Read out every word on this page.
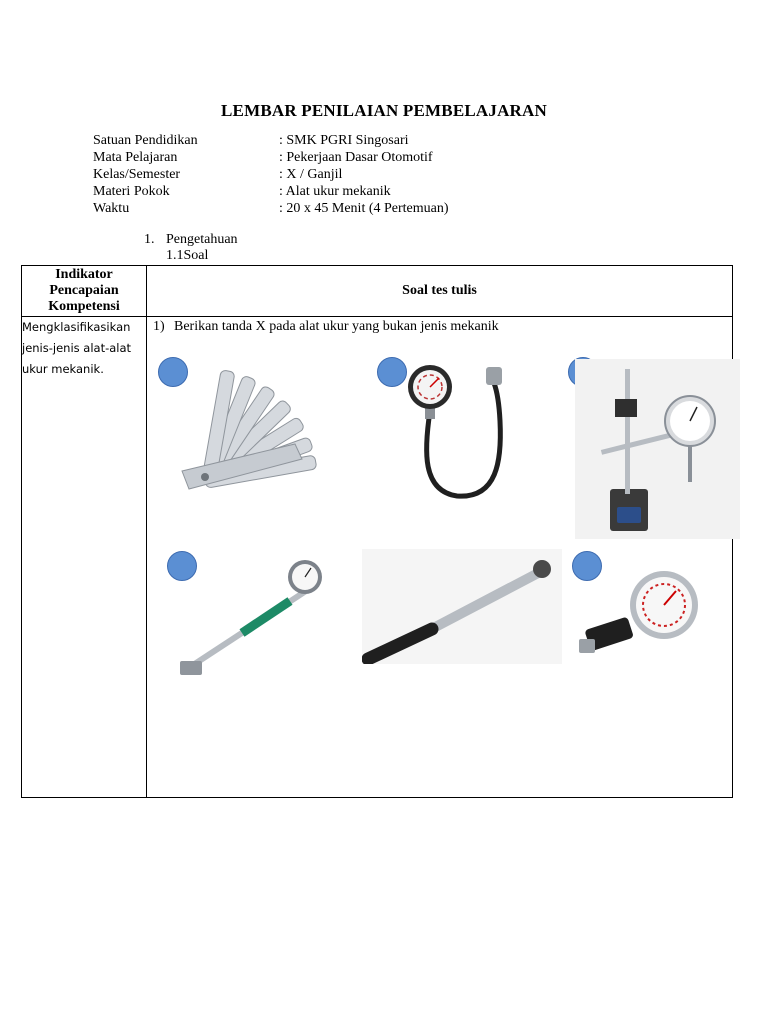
LEMBAR PENILAIAN PEMBELAJARAN
Satuan Pendidikan	: SMK PGRI Singosari
Mata Pelajaran	: Pekerjaan Dasar Otomotif
Kelas/Semester	: X / Ganjil
Materi Pokok	: Alat ukur mekanik
Waktu	: 20 x 45 Menit (4 Pertemuan)
1. Pengetahuan
1.1Soal
Indikator
Pencapaian
Kompetensi	Soal tes tulis

Mengklasifikasikan
jenis-jenis alat-alat
ukur mekanik.	1) Berikan tanda X pada alat ukur yang bukan jenis mekanik
